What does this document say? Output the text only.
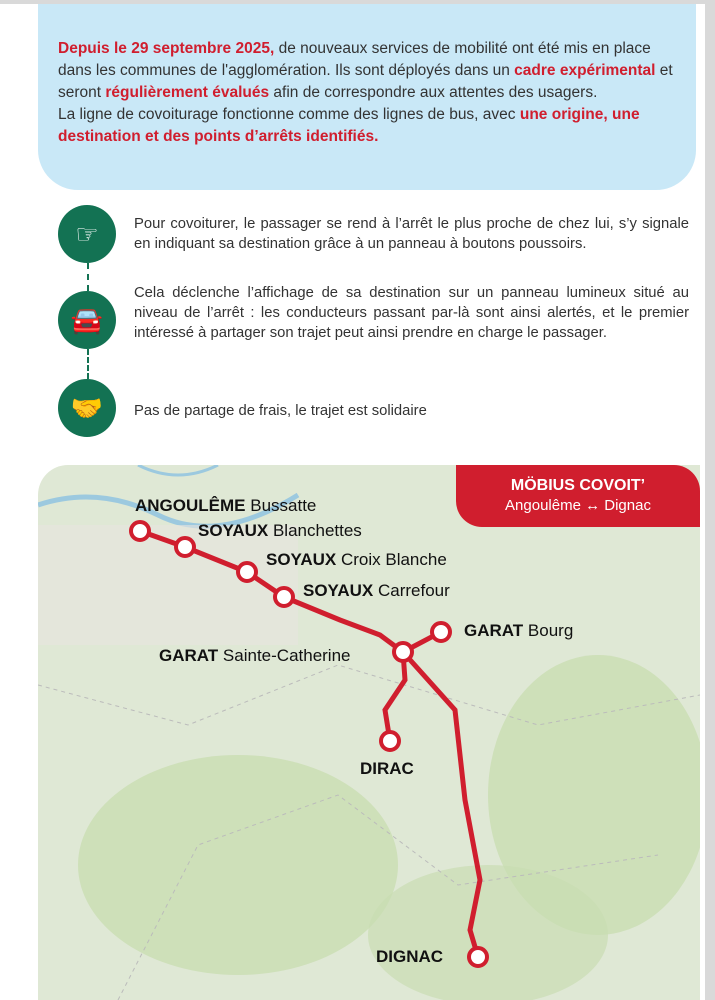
Depuis le 29 septembre 2025, de nouveaux services de mobilité ont été mis en place dans les communes de l'agglomération. Ils sont déployés dans un cadre expérimental et seront régulièrement évalués afin de correspondre aux attentes des usagers.
La ligne de covoiturage fonctionne comme des lignes de bus, avec une origine, une destination et des points d’arrêts identifiés.
☞	Pour covoiturer, le passager se rend à l’arrêt le plus proche de chez lui, s’y signale en indiquant sa destination grâce à un panneau à boutons poussoirs.
🚘
Cela déclenche l’affichage de sa destination sur un panneau lumineux situé au niveau de l’arrêt : les conducteurs passant par-là sont ainsi alertés, et le premier intéressé à partager son trajet peut ainsi prendre en charge le passager.
🤝	Pas de partage de frais, le trajet est solidaire
MÖBIUS COVOIT’
Angoulême ↔ Dignac
ANGOULÊME Bussatte
SOYAUX Blanchettes
SOYAUX Croix Blanche
SOYAUX Carrefour
GARAT Bourg
GARAT Sainte-Catherine
DIRAC
DIGNAC
